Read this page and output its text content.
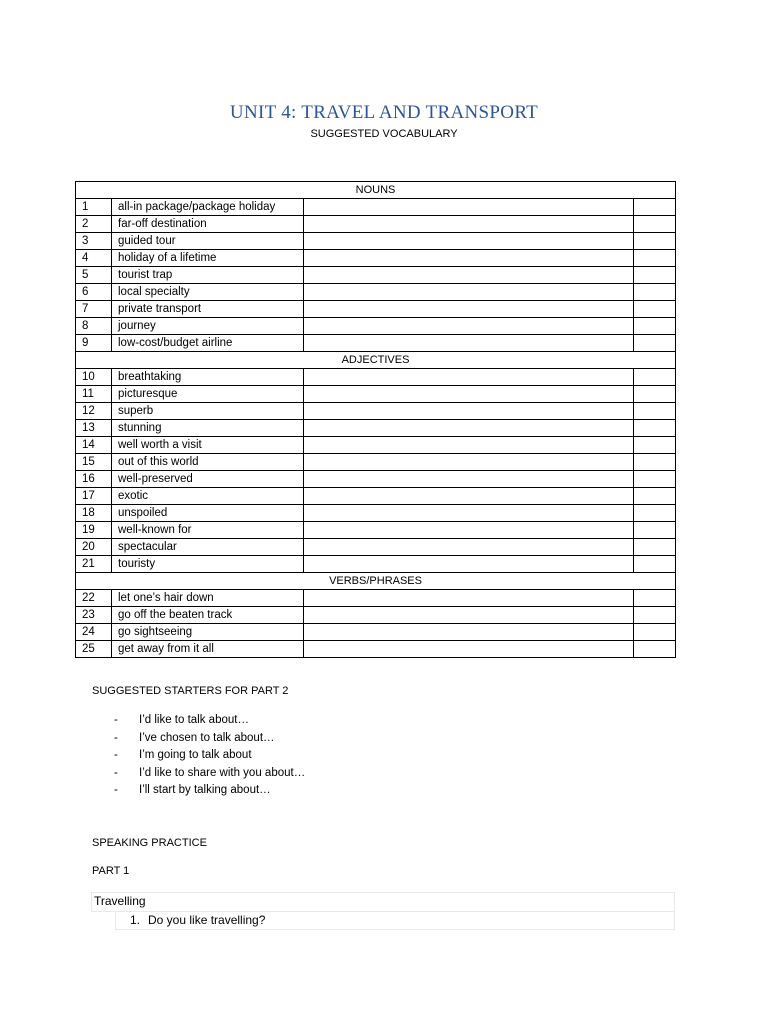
UNIT 4: TRAVEL AND TRANSPORT
SUGGESTED VOCABULARY
NOUNS			
1	all-in package/package holiday		
2	far-off destination		
3	guided tour		
4	holiday of a lifetime		
5	tourist trap		
6	local specialty		
7	private transport		
8	journey		
9	low-cost/budget airline		
ADJECTIVES			
10	breathtaking		
11	picturesque		
12	superb		
13	stunning		
14	well worth a visit		
15	out of this world		
16	well-preserved		
17	exotic		
18	unspoiled		
19	well-known for		
20	spectacular		
21	touristy		
VERBS/PHRASES			
22	let one’s hair down		
23	go off the beaten track		
24	go sightseeing		
25	get away from it all		
SUGGESTED STARTERS FOR PART 2
- I’d like to talk about…
- I’ve chosen to talk about…
- I’m going to talk about
- I’d like to share with you about…
- I’ll start by talking about…
SPEAKING PRACTICE
PART 1
Travelling
1. Do you like travelling?
